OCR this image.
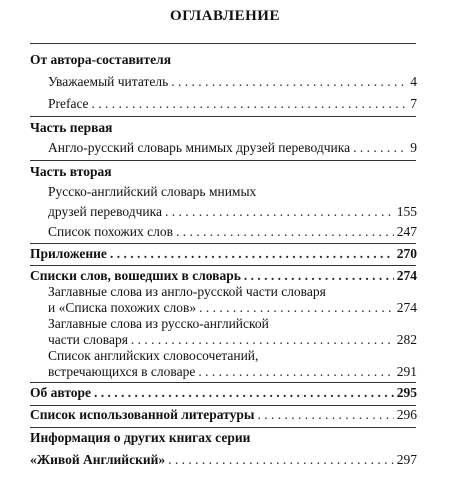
ОГЛАВЛЕНИЕ
От автора-составителя
Уважаемый читатель . . .	4
Preface . . .	7
Часть первая
Англо-русский словарь мнимых друзей переводчика . . .	9
Часть вторая
Русско-английский словарь мнимых
друзей переводчика . . .	155
Список похожих слов . . .	247
Приложение . . .	270
Списки слов, вошедших в словарь . . .	274
Заглавные слова из англо-русской части словаря
и «Списка похожих слов» . . .	274
Заглавные слова из русско-английской
части словаря . . .	282
Список английских словосочетаний,
встречающихся в словаре . . .	291
Об авторе . . .	295
Список использованной литературы . . .	296
Информация о других книгах серии
«Живой Английский» . . .	297
